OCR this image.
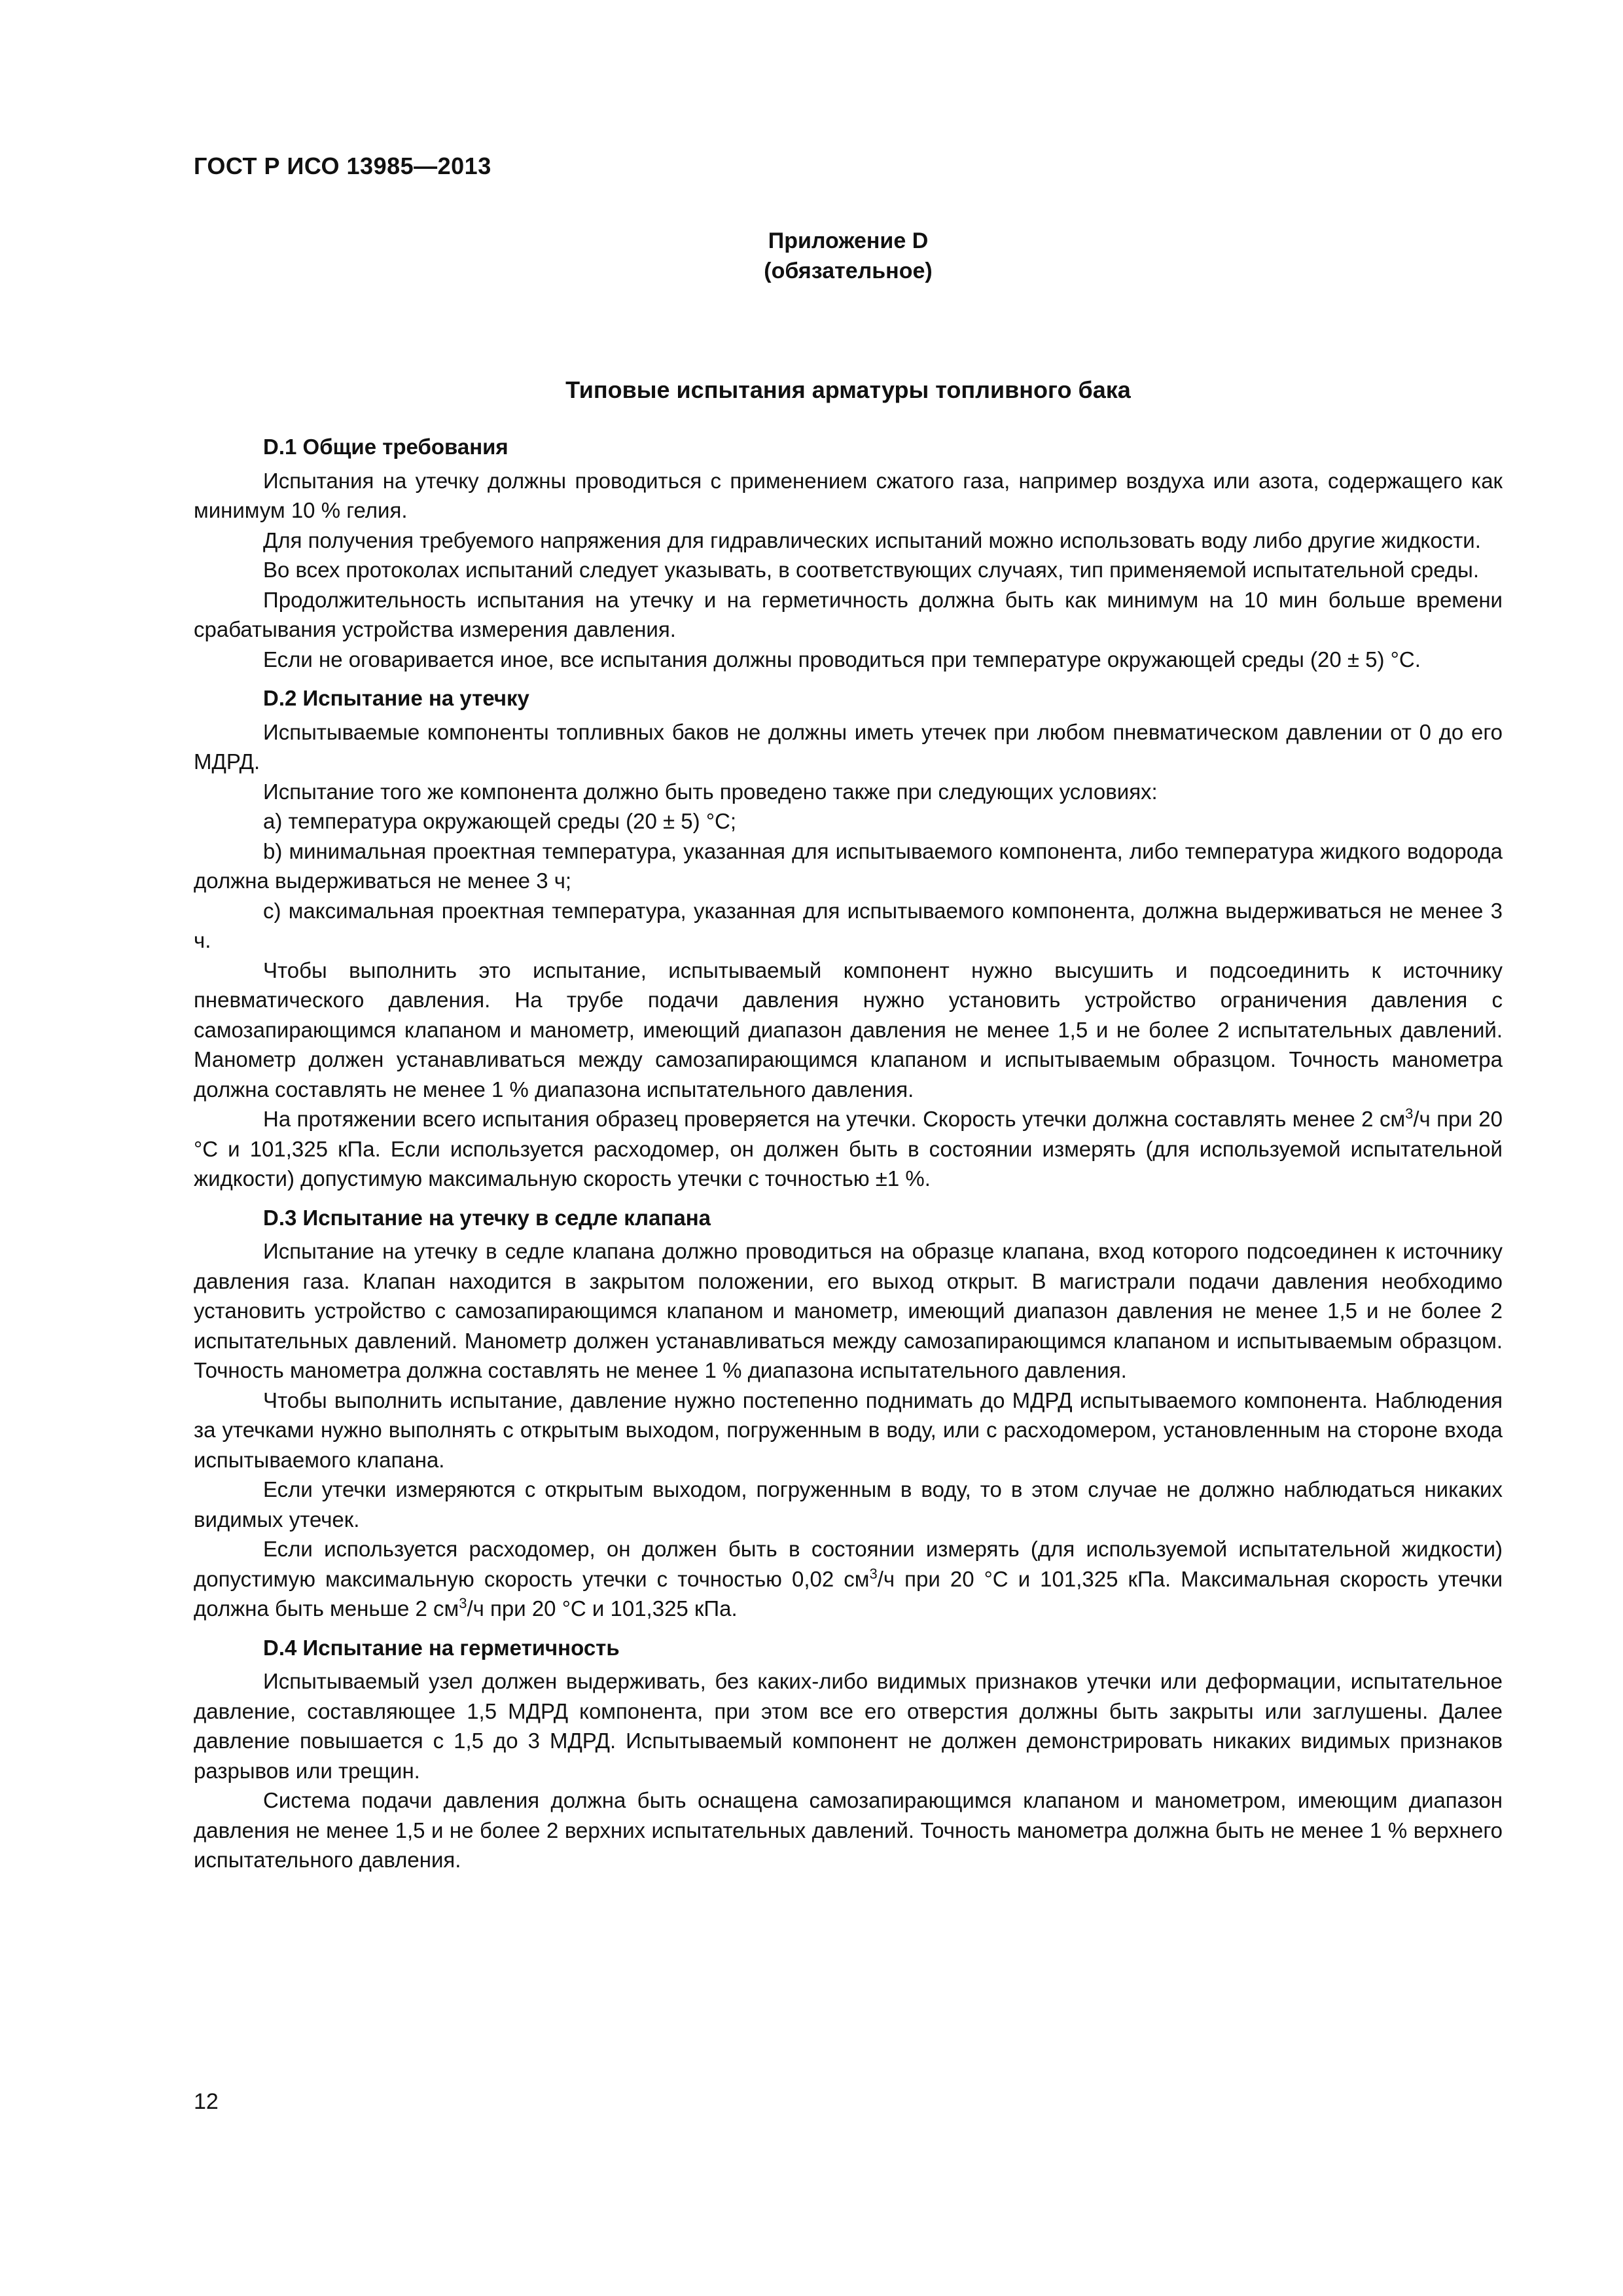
ГОСТ Р ИСО 13985—2013
Приложение D
(обязательное)
Типовые испытания арматуры топливного бака
D.1 Общие требования

Испытания на утечку должны проводиться с применением сжатого газа, например воздуха или азота, содержащего как минимум 10 % гелия.

Для получения требуемого напряжения для гидравлических испытаний можно использовать воду либо другие жидкости.

Во всех протоколах испытаний следует указывать, в соответствующих случаях, тип применяемой испытательной среды.

Продолжительность испытания на утечку и на герметичность должна быть как минимум на 10 мин больше времени срабатывания устройства измерения давления.

Если не оговаривается иное, все испытания должны проводиться при температуре окружающей среды (20 ± 5) °С.

D.2 Испытание на утечку

Испытываемые компоненты топливных баков не должны иметь утечек при любом пневматическом давлении от 0 до его МДРД.

Испытание того же компонента должно быть проведено также при следующих условиях:

a) температура окружающей среды (20 ± 5) °С;

b) минимальная проектная температура, указанная для испытываемого компонента, либо температура жидкого водорода должна выдерживаться не менее 3 ч;

c) максимальная проектная температура, указанная для испытываемого компонента, должна выдерживаться не менее 3 ч.

Чтобы выполнить это испытание, испытываемый компонент нужно высушить и подсоединить к источнику пневматического давления. На трубе подачи давления нужно установить устройство ограничения давления с самозапирающимся клапаном и манометр, имеющий диапазон давления не менее 1,5 и не более 2 испытательных давлений. Манометр должен устанавливаться между самозапирающимся клапаном и испытываемым образцом. Точность манометра должна составлять не менее 1 % диапазона испытательного давления.

На протяжении всего испытания образец проверяется на утечки. Скорость утечки должна составлять менее 2 $см^3/ч$ при 20 °С и 101,325 кПа. Если используется расходомер, он должен быть в состоянии измерять (для используемой испытательной жидкости) допустимую максимальную скорость утечки с точностью ±1 %.

D.3 Испытание на утечку в седле клапана

Испытание на утечку в седле клапана должно проводиться на образце клапана, вход которого подсоединен к источнику давления газа. Клапан находится в закрытом положении, его выход открыт. В магистрали подачи давления необходимо установить устройство с самозапирающимся клапаном и манометр, имеющий диапазон давления не менее 1,5 и не более 2 испытательных давлений. Манометр должен устанавливаться между самозапирающимся клапаном и испытываемым образцом. Точность манометра должна составлять не менее 1 % диапазона испытательного давления.

Чтобы выполнить испытание, давление нужно постепенно поднимать до МДРД испытываемого компонента. Наблюдения за утечками нужно выполнять с открытым выходом, погруженным в воду, или с расходомером, установленным на стороне входа испытываемого клапана.

Если утечки измеряются с открытым выходом, погруженным в воду, то в этом случае не должно наблюдаться никаких видимых утечек.

Если используется расходомер, он должен быть в состоянии измерять (для используемой испытательной жидкости) допустимую максимальную скорость утечки с точностью 0,02 $см^3/ч$ при 20 °С и 101,325 кПа. Максимальная скорость утечки должна быть меньше 2 $см^3/ч$ при 20 °С и 101,325 кПа.

D.4 Испытание на герметичность

Испытываемый узел должен выдерживать, без каких-либо видимых признаков утечки или деформации, испытательное давление, составляющее 1,5 МДРД компонента, при этом все его отверстия должны быть закрыты или заглушены. Далее давление повышается с 1,5 до 3 МДРД. Испытываемый компонент не должен демонстрировать никаких видимых признаков разрывов или трещин.

Система подачи давления должна быть оснащена самозапирающимся клапаном и манометром, имеющим диапазон давления не менее 1,5 и не более 2 верхних испытательных давлений. Точность манометра должна быть не менее 1 % верхнего испытательного давления.

12
